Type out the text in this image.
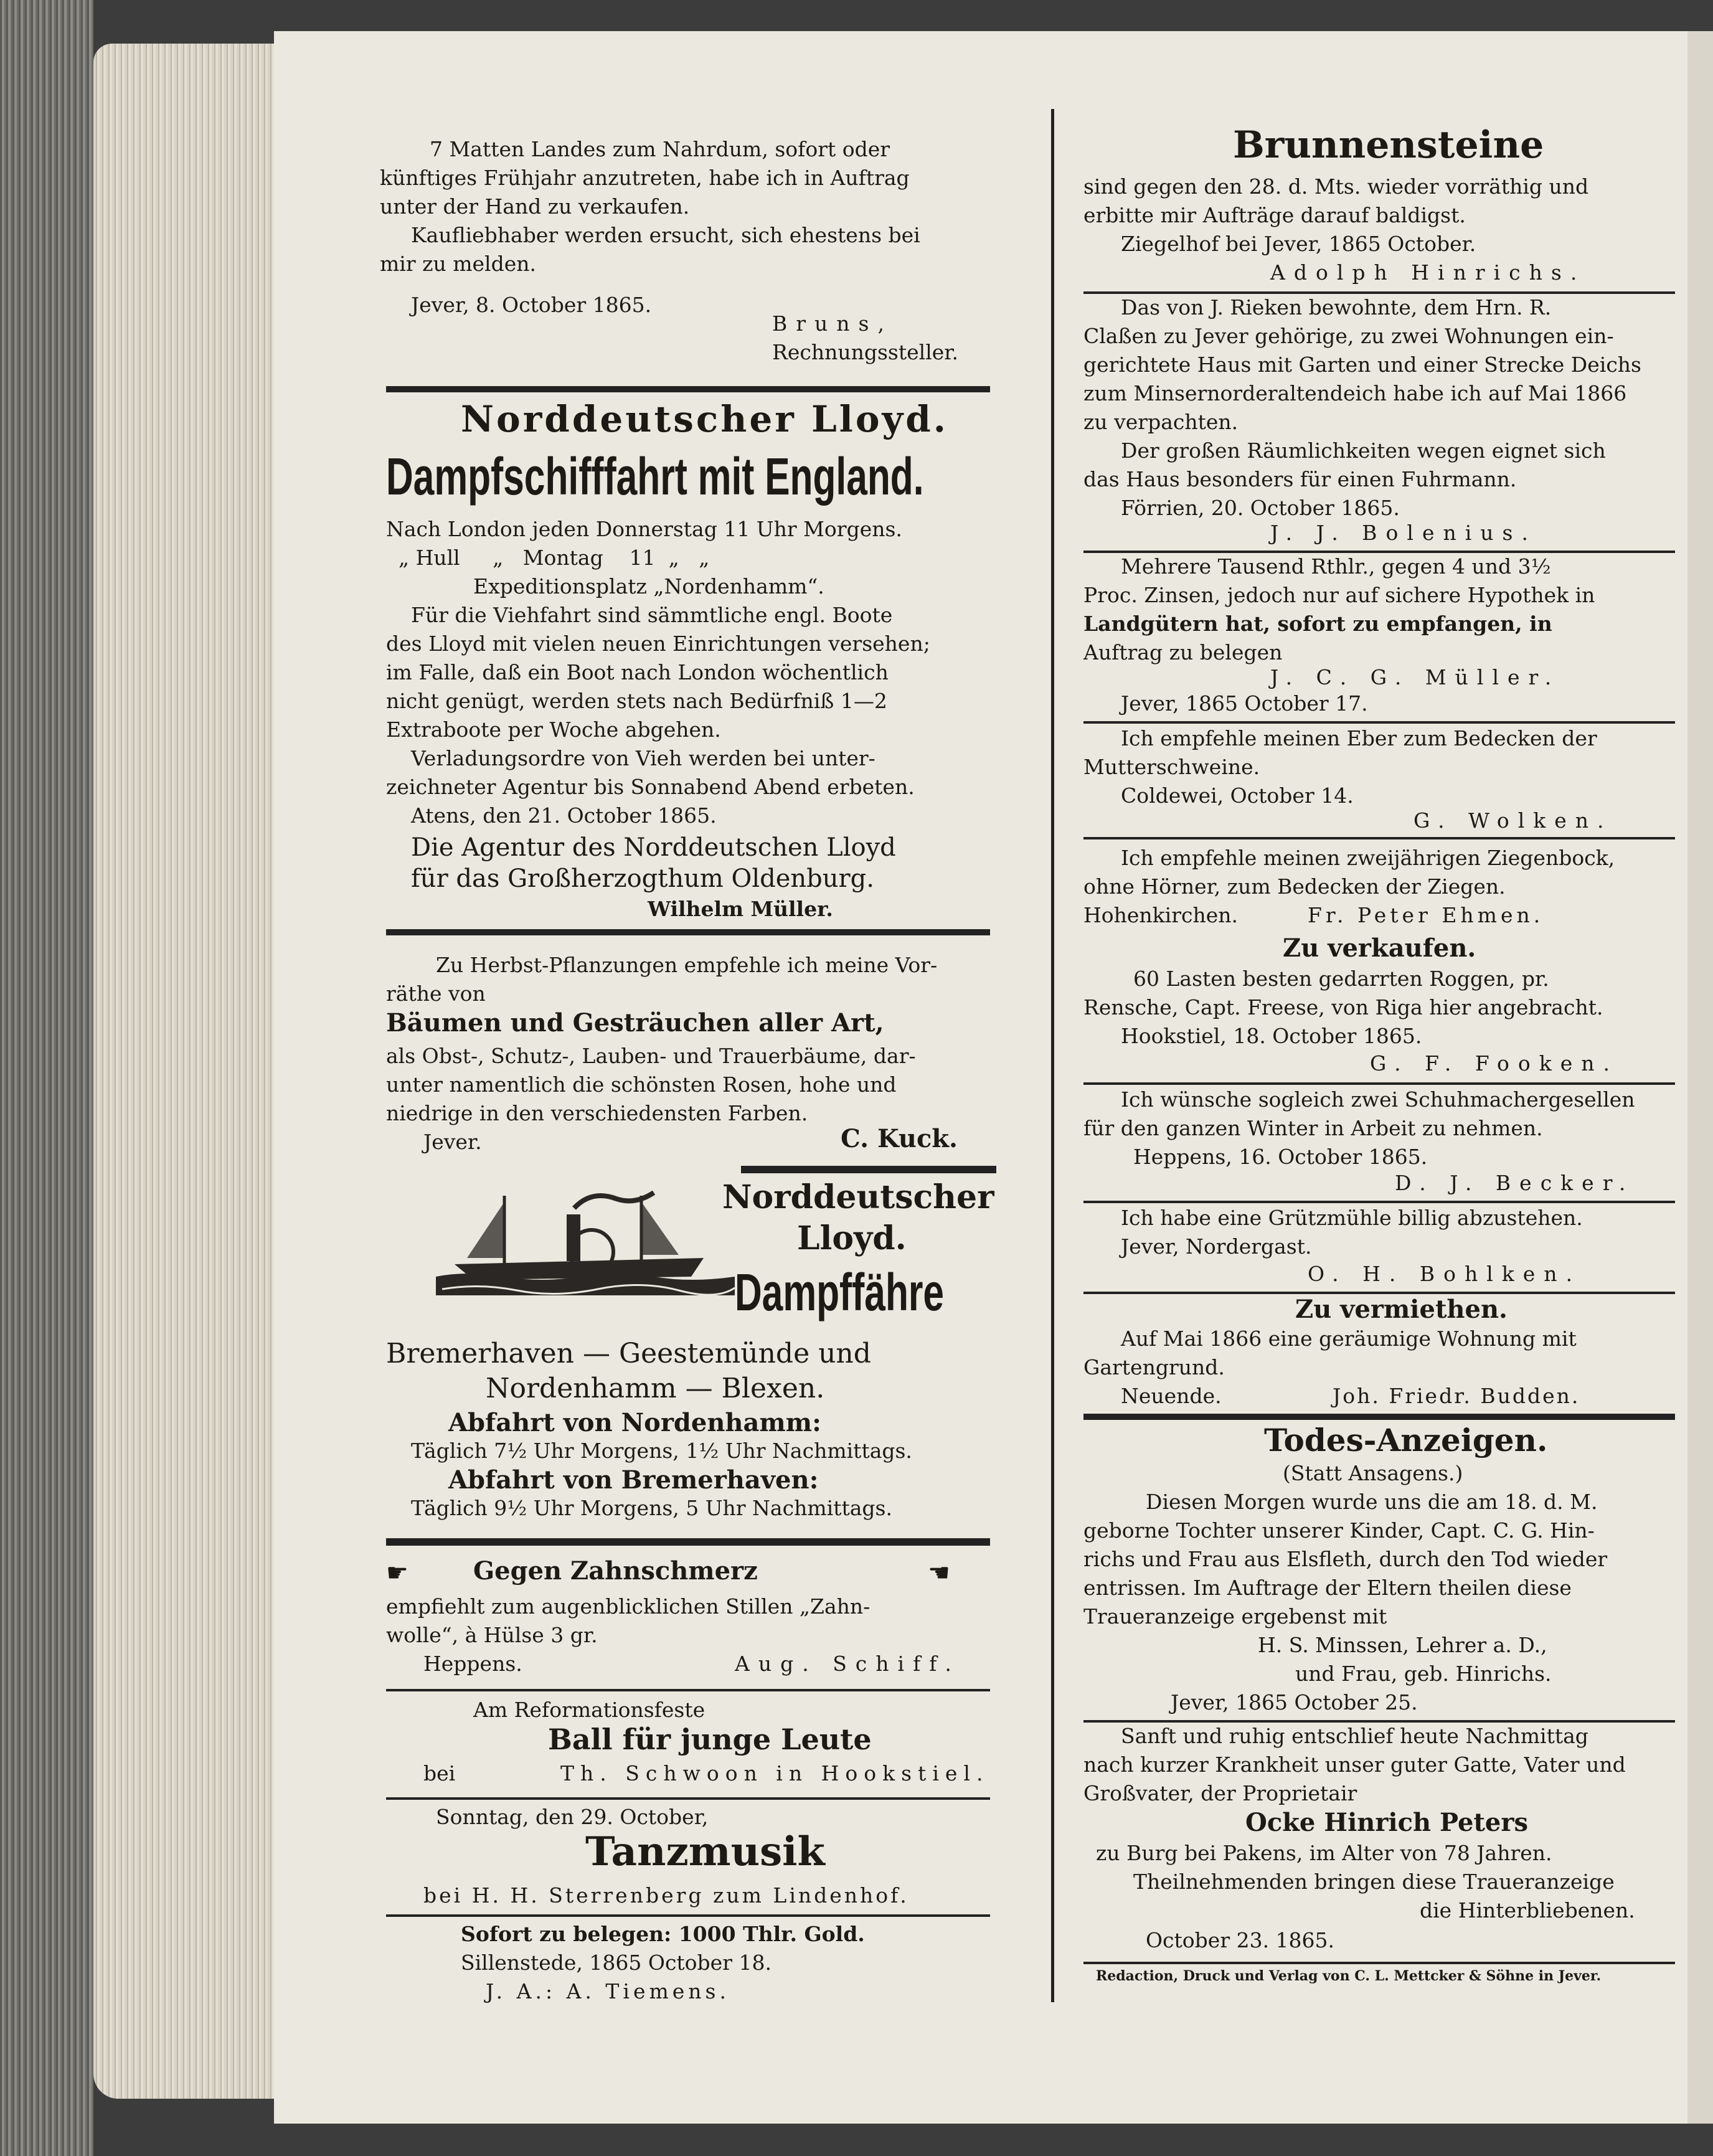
7 Matten Landes zum Nahrdum, sofort oder
künftiges Frühjahr anzutreten, habe ich in Auftrag
unter der Hand zu verkaufen.
Kaufliebhaber werden ersucht, sich ehestens bei
mir zu melden.
Jever, 8. October 1865.
Bruns,
Rechnungssteller.
Norddeutscher Lloyd.
Dampfschifffahrt mit England.
Nach London jeden Donnerstag 11 Uhr Morgens.
„ Hull     „   Montag    11  „   „
Expeditionsplatz „Nordenhamm“.
Für die Viehfahrt sind sämmtliche engl. Boote
des Lloyd mit vielen neuen Einrichtungen versehen;
im Falle, daß ein Boot nach London wöchentlich
nicht genügt, werden stets nach Bedürfniß 1—2
Extraboote per Woche abgehen.
Verladungsordre von Vieh werden bei unter-
zeichneter Agentur bis Sonnabend Abend erbeten.
Atens, den 21. October 1865.
Die Agentur des Norddeutschen Lloyd
für das Großherzogthum Oldenburg.
Wilhelm Müller.
Zu Herbst-Pflanzungen empfehle ich meine Vor-
räthe von
Bäumen und Gesträuchen aller Art,
als Obst-, Schutz-, Lauben- und Trauerbäume, dar-
unter namentlich die schönsten Rosen, hohe und
niedrige in den verschiedensten Farben.
Jever.	C. Kuck.
Norddeutscher
Lloyd.
Dampffähre
Bremerhaven — Geestemünde und
Nordenhamm — Blexen.
Abfahrt von Nordenhamm:
Täglich 7½ Uhr Morgens, 1½ Uhr Nachmittags.
Abfahrt von Bremerhaven:
Täglich 9½ Uhr Morgens, 5 Uhr Nachmittags.
☛	Gegen Zahnschmerz	☚
empfiehlt zum augenblicklichen Stillen „Zahn-
wolle“, à Hülse 3 gr.
Heppens.	Aug. Schiff.
Am Reformationsfeste
Ball für junge Leute
bei	Th. Schwoon in Hookstiel.
Sonntag, den 29. October,
Tanzmusik
bei H. H. Sterrenberg zum Lindenhof.
Sofort zu belegen: 1000 Thlr. Gold.
Sillenstede, 1865 October 18.
J. A.: A. Tiemens.
Brunnensteine
sind gegen den 28. d. Mts. wieder vorräthig und
erbitte mir Aufträge darauf baldigst.
Ziegelhof bei Jever, 1865 October.
Adolph Hinrichs.
Das von J. Rieken bewohnte, dem Hrn. R.
Claßen zu Jever gehörige, zu zwei Wohnungen ein-
gerichtete Haus mit Garten und einer Strecke Deichs
zum Minsernorderaltendeich habe ich auf Mai 1866
zu verpachten.
Der großen Räumlichkeiten wegen eignet sich
das Haus besonders für einen Fuhrmann.
Förrien, 20. October 1865.
J. J. Bolenius.
Mehrere Tausend Rthlr., gegen 4 und 3½
Proc. Zinsen, jedoch nur auf sichere Hypothek in
Landgütern hat, sofort zu empfangen, in
Auftrag zu belegen
J. C. G. Müller.
Jever, 1865 October 17.
Ich empfehle meinen Eber zum Bedecken der
Mutterschweine.
Coldewei, October 14.
G. Wolken.
Ich empfehle meinen zweijährigen Ziegenbock,
ohne Hörner, zum Bedecken der Ziegen.
Hohenkirchen.	Fr. Peter Ehmen.
Zu verkaufen.
60 Lasten besten gedarrten Roggen, pr.
Rensche, Capt. Freese, von Riga hier angebracht.
Hookstiel, 18. October 1865.
G. F. Fooken.
Ich wünsche sogleich zwei Schuhmachergesellen
für den ganzen Winter in Arbeit zu nehmen.
Heppens, 16. October 1865.
D. J. Becker.
Ich habe eine Grützmühle billig abzustehen.
Jever, Nordergast.
O. H. Bohlken.
Zu vermiethen.
Auf Mai 1866 eine geräumige Wohnung mit
Gartengrund.
Neuende.	Joh. Friedr. Budden.
Todes-Anzeigen.
(Statt Ansagens.)
Diesen Morgen wurde uns die am 18. d. M.
geborne Tochter unserer Kinder, Capt. C. G. Hin-
richs und Frau aus Elsfleth, durch den Tod wieder
entrissen. Im Auftrage der Eltern theilen diese
Traueranzeige ergebenst mit
H. S. Minssen, Lehrer a. D.,
und Frau, geb. Hinrichs.
Jever, 1865 October 25.
Sanft und ruhig entschlief heute Nachmittag
nach kurzer Krankheit unser guter Gatte, Vater und
Großvater, der Proprietair
Ocke Hinrich Peters
zu Burg bei Pakens, im Alter von 78 Jahren.
Theilnehmenden bringen diese Traueranzeige
die Hinterbliebenen.
October 23. 1865.
Redaction, Druck und Verlag von C. L. Mettcker & Söhne in Jever.
